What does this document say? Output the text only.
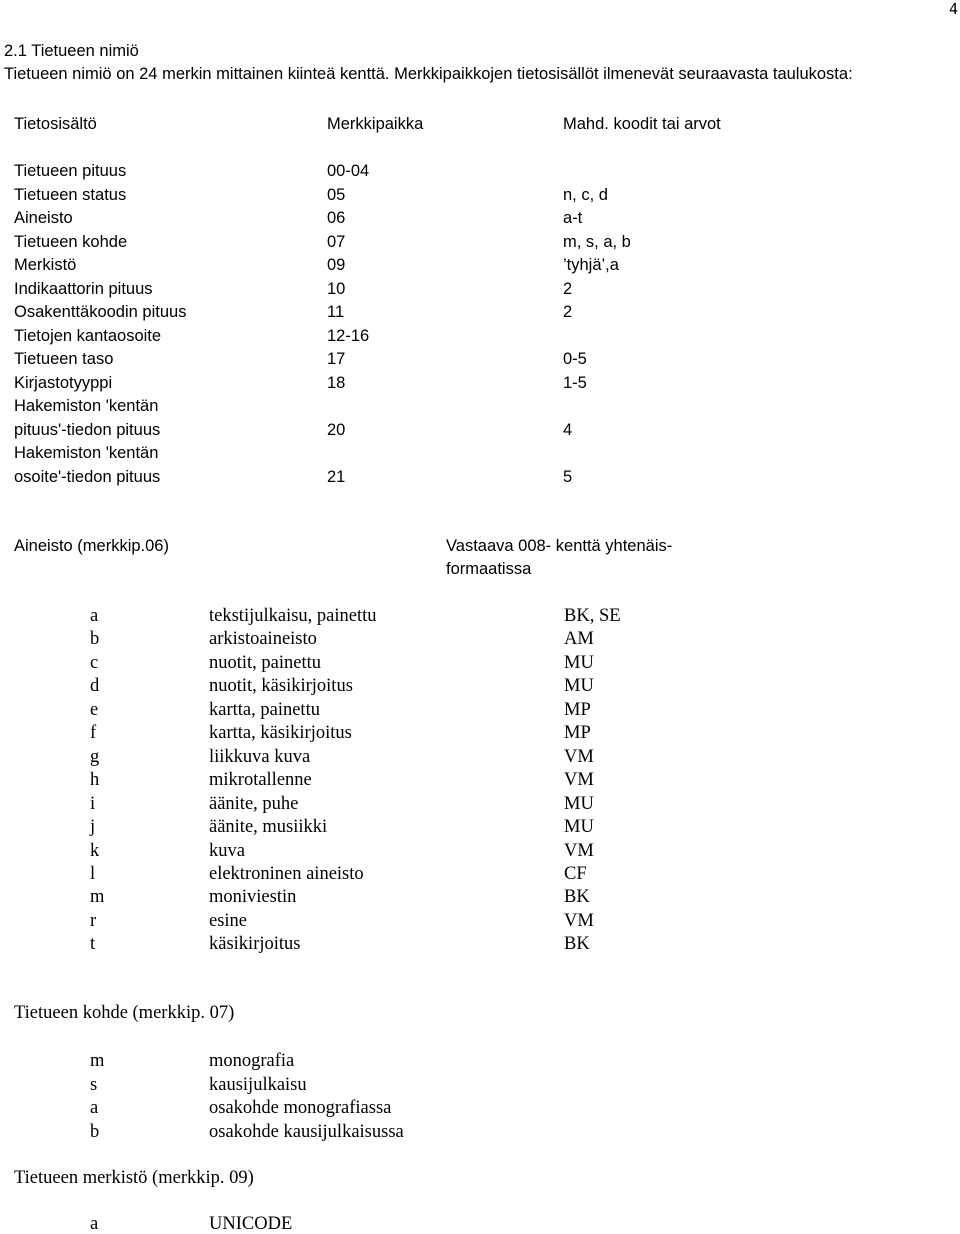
4
2.1 Tietueen nimiö
Tietueen nimiö on 24 merkin mittainen kiinteä kenttä. Merkkipaikkojen tietosisällöt ilmenevät seuraavasta taulukosta:
Tietosisältö	Merkkipaikka	Mahd. koodit tai arvot
Tietueen pituus	00-04
Tietueen status	05	n, c, d
Aineisto	06	a-t
Tietueen kohde	07	m, s, a, b
Merkistö	09	’tyhjä’,a
Indikaattorin pituus	10	2
Osakenttäkoodin pituus	11	2
Tietojen kantaosoite	12-16
Tietueen taso	17	0-5
Kirjastotyyppi	18	1-5
Hakemiston 'kentän
pituus'-tiedon pituus	20	4
Hakemiston 'kentän
osoite'-tiedon pituus	21	5
Aineisto (merkkip.06)	Vastaava 008- kenttä yhtenäis-
formaatissa
a	tekstijulkaisu, painettu	BK, SE
b	arkistoaineisto	AM
c	nuotit, painettu	MU
d	nuotit, käsikirjoitus	MU
e	kartta, painettu	MP
f	kartta, käsikirjoitus	MP
g	liikkuva kuva	VM
h	mikrotallenne	VM
i	äänite, puhe	MU
j	äänite, musiikki	MU
k	kuva	VM
l	elektroninen aineisto	CF
m	moniviestin	BK
r	esine	VM
t	käsikirjoitus	BK
Tietueen kohde (merkkip. 07)
m	monografia
s	kausijulkaisu
a	osakohde monografiassa
b	osakohde kausijulkaisussa
Tietueen merkistö (merkkip. 09)
a	UNICODE
